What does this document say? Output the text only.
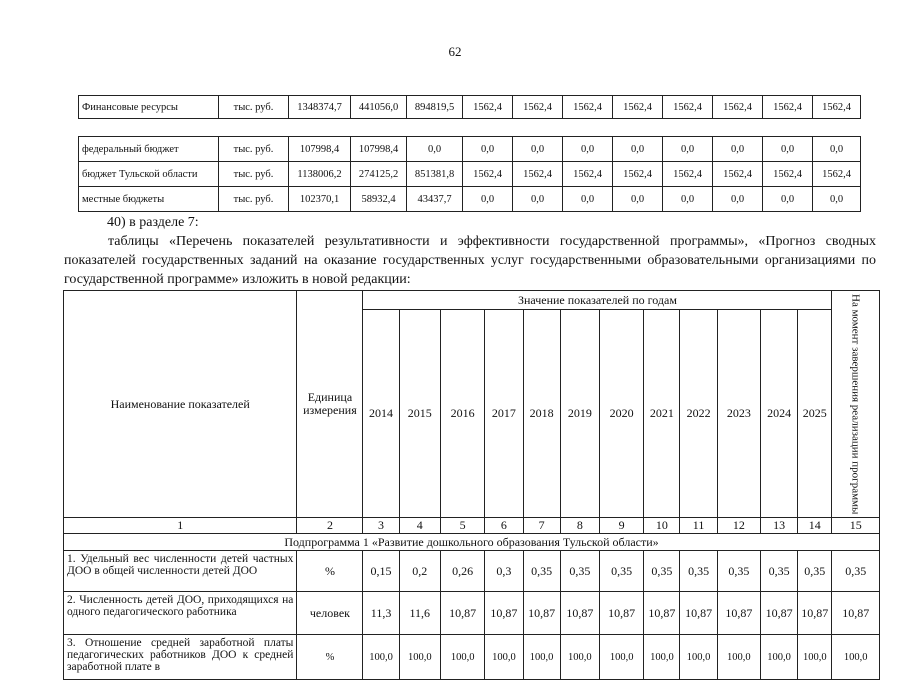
62
Финансовые ресурсы	тыс. руб.	1348374,7	441056,0	894819,5	1562,4	1562,4	1562,4	1562,4	1562,4	1562,4	1562,4	1562,4
федеральный бюджет	тыс. руб.	107998,4	107998,4	0,0	0,0	0,0	0,0	0,0	0,0	0,0	0,0	0,0
бюджет Тульской области	тыс. руб.	1138006,2	274125,2	851381,8	1562,4	1562,4	1562,4	1562,4	1562,4	1562,4	1562,4	1562,4
местные бюджеты	тыс. руб.	102370,1	58932,4	43437,7	0,0	0,0	0,0	0,0	0,0	0,0	0,0	0,0
40) в разделе 7:
таблицы «Перечень показателей результативности и эффективности государственной программы», «Прогноз сводных показателей государственных заданий на оказание государственных услуг государственными образовательными организациями по государственной программе» изложить в новой редакции:
Наименование показателей	Единица измерения	Значение показателей по годам												На момент завершения реализации программы
		2014	2015	2016	2017	2018	2019	2020	2021	2022	2023	2024	2025	
1	2	3	4	5	6	7	8	9	10	11	12	13	14	15
Подпрограмма 1 «Развитие дошкольного образования Тульской области»														
1. Удельный вес численности детей частных ДОО в общей численности детей ДОО	%	0,15	0,2	0,26	0,3	0,35	0,35	0,35	0,35	0,35	0,35	0,35	0,35	0,35
2. Численность детей ДОО, приходящихся на одного педагогического работника	человек	11,3	11,6	10,87	10,87	10,87	10,87	10,87	10,87	10,87	10,87	10,87	10,87	10,87
3. Отношение средней заработной платы педагогических работников ДОО к средней заработной плате в	%	100,0	100,0	100,0	100,0	100,0	100,0	100,0	100,0	100,0	100,0	100,0	100,0	100,0
